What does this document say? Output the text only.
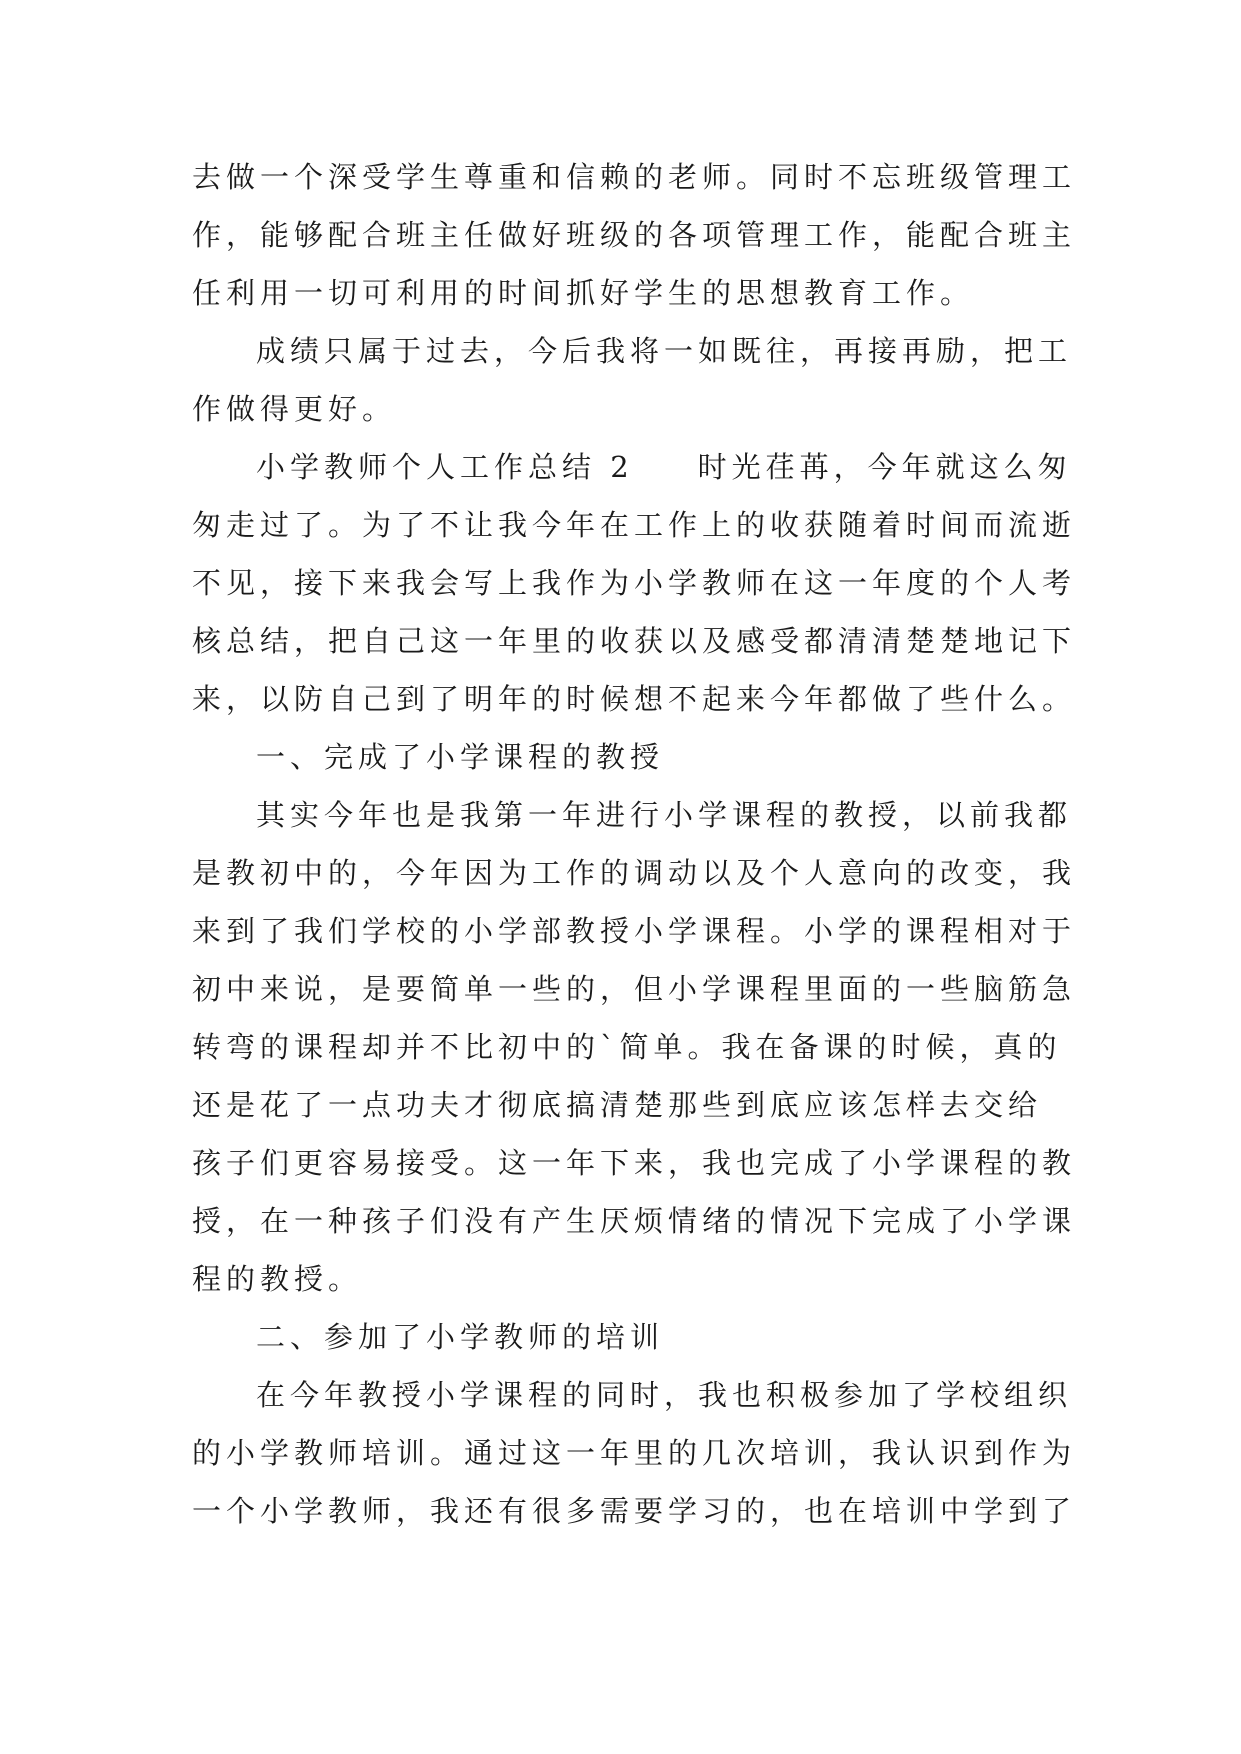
去做一个深受学生尊重和信赖的老师。同时不忘班级管理工
作，能够配合班主任做好班级的各项管理工作，能配合班主
任利用一切可利用的时间抓好学生的思想教育工作。
成绩只属于过去，今后我将一如既往，再接再励，把工
作做得更好。
小学教师个人工作总结 2 时光荏苒，今年就这么匆
匆走过了。为了不让我今年在工作上的收获随着时间而流逝
不见，接下来我会写上我作为小学教师在这一年度的个人考
核总结，把自己这一年里的收获以及感受都清清楚楚地记下
来，以防自己到了明年的时候想不起来今年都做了些什么。
一、完成了小学课程的教授
其实今年也是我第一年进行小学课程的教授，以前我都
是教初中的，今年因为工作的调动以及个人意向的改变，我
来到了我们学校的小学部教授小学课程。小学的课程相对于
初中来说，是要简单一些的，但小学课程里面的一些脑筋急
转弯的课程却并不比初中的`简单。我在备课的时候，真的
还是花了一点功夫才彻底搞清楚那些到底应该怎样去交给
孩子们更容易接受。这一年下来，我也完成了小学课程的教
授，在一种孩子们没有产生厌烦情绪的情况下完成了小学课
程的教授。
二、参加了小学教师的培训
在今年教授小学课程的同时，我也积极参加了学校组织
的小学教师培训。通过这一年里的几次培训，我认识到作为
一个小学教师，我还有很多需要学习的，也在培训中学到了
